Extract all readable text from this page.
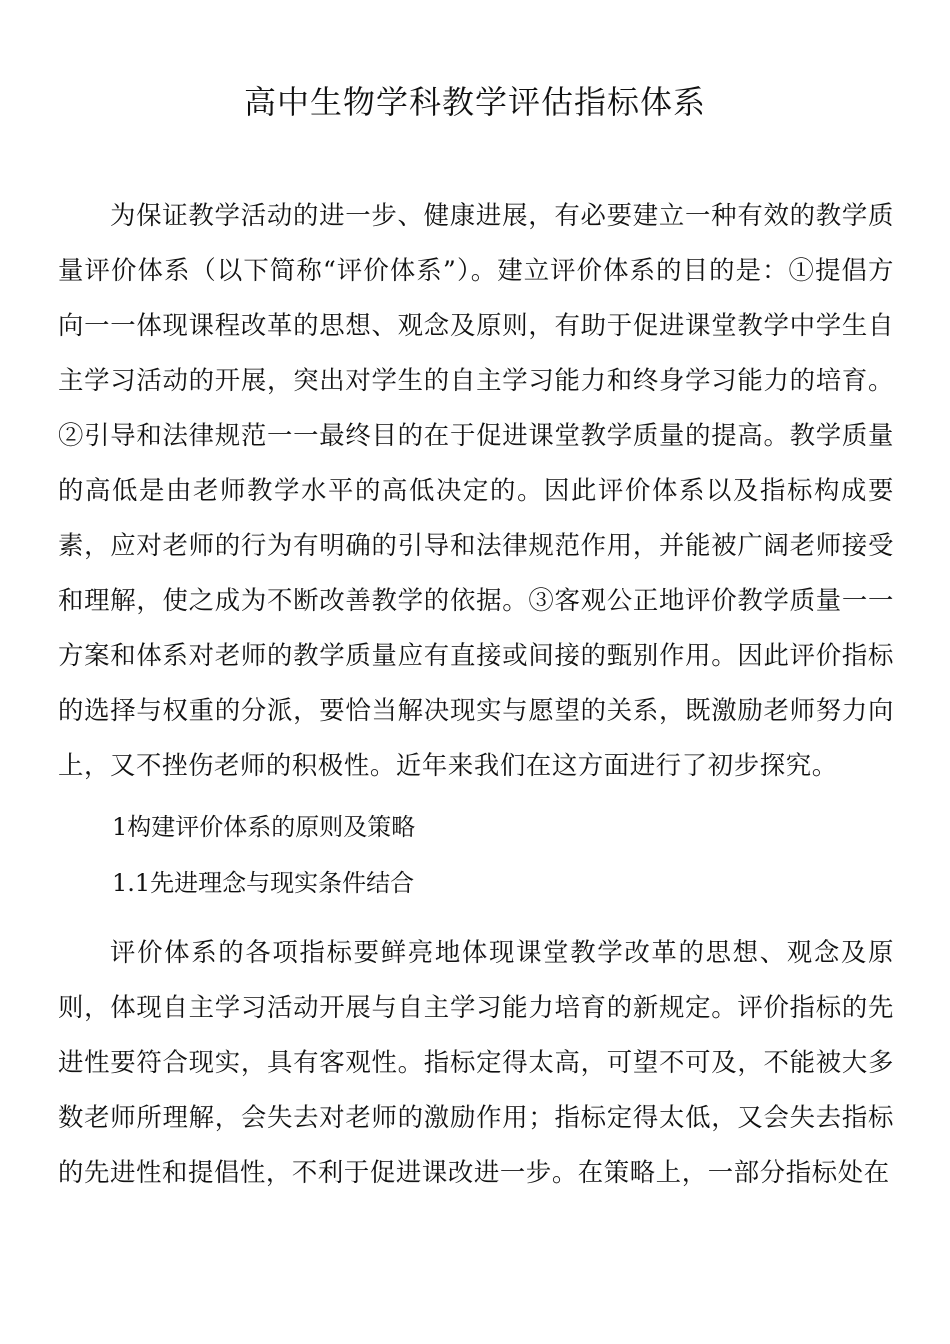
高中生物学科教学评估指标体系

为保证教学活动的进一步、健康进展，有必要建立一种有效的教学质量评价体系（以下简称“评价体系”）。建立评价体系的目的是：①提倡方向一一体现课程改革的思想、观念及原则，有助于促进课堂教学中学生自主学习活动的开展，突出对学生的自主学习能力和终身学习能力的培育。②引导和法律规范一一最终目的在于促进课堂教学质量的提高。教学质量的高低是由老师教学水平的高低决定的。因此评价体系以及指标构成要素，应对老师的行为有明确的引导和法律规范作用，并能被广阔老师接受和理解，使之成为不断改善教学的依据。③客观公正地评价教学质量一一方案和体系对老师的教学质量应有直接或间接的甄别作用。因此评价指标的选择与权重的分派，要恰当解决现实与愿望的关系，既激励老师努力向上，又不挫伤老师的积极性。近年来我们在这方面进行了初步探究。

1构建评价体系的原则及策略

1.1先进理念与现实条件结合

评价体系的各项指标要鲜亮地体现课堂教学改革的思想、观念及原则，体现自主学习活动开展与自主学习能力培育的新规定。评价指标的先进性要符合现实，具有客观性。指标定得太高，可望不可及，不能被大多数老师所理解，会失去对老师的激励作用；指标定得太低，又会失去指标的先进性和提倡性，不利于促进课改进一步。在策略上，一部分指标处在
